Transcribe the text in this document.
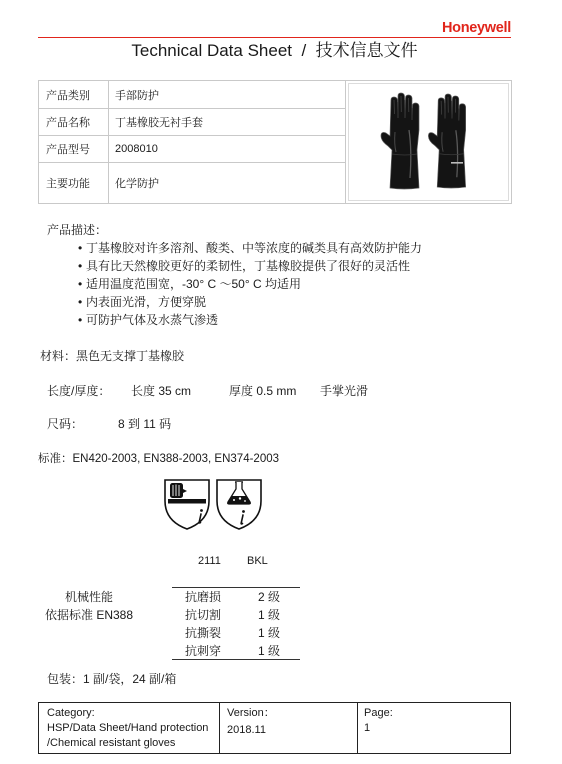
Honeywell
Technical Data Sheet  /  技术信息文件
产品类别	手部防护	

产品名称	丁基橡胶无衬手套	
产品型号	2008010	
主要功能	化学防护	
产品描述：
• 丁基橡胶对许多溶剂、酸类、中等浓度的碱类具有高效防护能力
• 具有比天然橡胶更好的柔韧性，丁基橡胶提供了很好的灵活性
• 适用温度范围宽，-30° C ～50° C 均适用
• 内表面光滑，方便穿脱
• 可防护气体及水蒸气渗透
材料：黑色无支撑丁基橡胶
长度/厚度： 长度 35 cm	厚度 0.5 mm 手掌光滑
尺码：	8 到 11 码
标准：EN420-2003, EN388-2003, EN374-2003
2111 BKL
机械性能
依据标准 EN388
抗磨损	2 级
抗切割	1 级
抗撕裂	1 级
抗刺穿	1 级
包装：1 副/袋，24 副/箱
Category:
HSP/Data Sheet/Hand protection
/Chemical resistant gloves
Version：
2018.11
Page:
1
